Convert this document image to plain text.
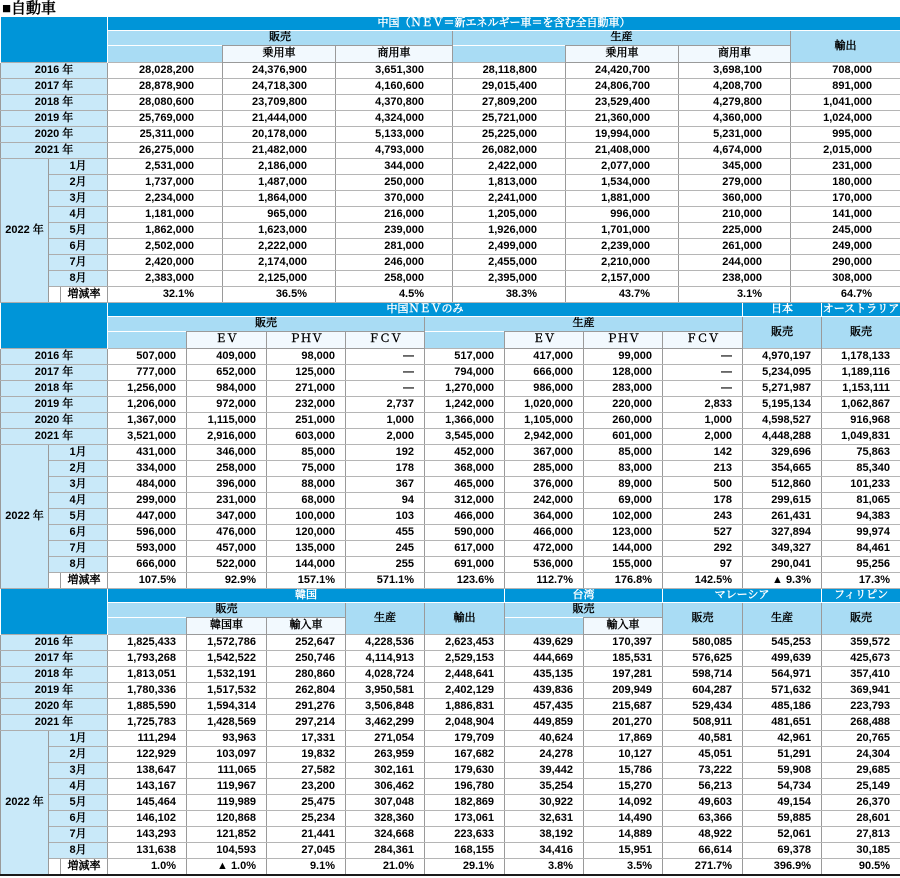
■自動車
			中国（ＮＥＶ＝新エネルギー車＝を含む全自動車）						
			販売			生産			輸出
				乗用車	商用車		乗用車	商用車	
2016 年			28,028,200	24,376,900	3,651,300	28,118,800	24,420,700	3,698,100	708,000
2017 年			28,878,900	24,718,300	4,160,600	29,015,400	24,806,700	4,208,700	891,000
2018 年			28,080,600	23,709,800	4,370,800	27,809,200	23,529,400	4,279,800	1,041,000
2019 年			25,769,000	21,444,000	4,324,000	25,721,000	21,360,000	4,360,000	1,024,000
2020 年			25,311,000	20,178,000	5,133,000	25,225,000	19,994,000	5,231,000	995,000
2021 年			26,275,000	21,482,000	4,793,000	26,082,000	21,408,000	4,674,000	2,015,000
2022 年	1月		2,531,000	2,186,000	344,000	2,422,000	2,077,000	345,000	231,000
	2月		1,737,000	1,487,000	250,000	1,813,000	1,534,000	279,000	180,000
	3月		2,234,000	1,864,000	370,000	2,241,000	1,881,000	360,000	170,000
	4月		1,181,000	965,000	216,000	1,205,000	996,000	210,000	141,000
	5月		1,862,000	1,623,000	239,000	1,926,000	1,701,000	225,000	245,000
	6月		2,502,000	2,222,000	281,000	2,499,000	2,239,000	261,000	249,000
	7月		2,420,000	2,174,000	246,000	2,455,000	2,210,000	244,000	290,000
	8月		2,383,000	2,125,000	258,000	2,395,000	2,157,000	238,000	308,000
		増減率	32.1%	36.5%	4.5%	38.3%	43.7%	3.1%	64.7%
			中国ＮＥＶのみ								日本	オーストラリア
			販売				生産				販売	販売
				ＥＶ	ＰＨＶ	ＦＣＶ		ＥＶ	ＰＨＶ	ＦＣＶ		
2016 年			507,000	409,000	98,000	—	517,000	417,000	99,000	—	4,970,197	1,178,133
2017 年			777,000	652,000	125,000	—	794,000	666,000	128,000	—	5,234,095	1,189,116
2018 年			1,256,000	984,000	271,000	—	1,270,000	986,000	283,000	—	5,271,987	1,153,111
2019 年			1,206,000	972,000	232,000	2,737	1,242,000	1,020,000	220,000	2,833	5,195,134	1,062,867
2020 年			1,367,000	1,115,000	251,000	1,000	1,366,000	1,105,000	260,000	1,000	4,598,527	916,968
2021 年			3,521,000	2,916,000	603,000	2,000	3,545,000	2,942,000	601,000	2,000	4,448,288	1,049,831
2022 年	1月		431,000	346,000	85,000	192	452,000	367,000	85,000	142	329,696	75,863
	2月		334,000	258,000	75,000	178	368,000	285,000	83,000	213	354,665	85,340
	3月		484,000	396,000	88,000	367	465,000	376,000	89,000	500	512,860	101,233
	4月		299,000	231,000	68,000	94	312,000	242,000	69,000	178	299,615	81,065
	5月		447,000	347,000	100,000	103	466,000	364,000	102,000	243	261,431	94,383
	6月		596,000	476,000	120,000	455	590,000	466,000	123,000	527	327,894	99,974
	7月		593,000	457,000	135,000	245	617,000	472,000	144,000	292	349,327	84,461
	8月		666,000	522,000	144,000	255	691,000	536,000	155,000	97	290,041	95,256
		増減率	107.5%	92.9%	157.1%	571.1%	123.6%	112.7%	176.8%	142.5%	▲ 9.3%	17.3%
			韓国					台湾		マレーシア		フィリピン
			販売			生産	輸出	販売		販売	生産	販売
				韓国車	輸入車				輸入車			
2016 年			1,825,433	1,572,786	252,647	4,228,536	2,623,453	439,629	170,397	580,085	545,253	359,572
2017 年			1,793,268	1,542,522	250,746	4,114,913	2,529,153	444,669	185,531	576,625	499,639	425,673
2018 年			1,813,051	1,532,191	280,860	4,028,724	2,448,641	435,135	197,281	598,714	564,971	357,410
2019 年			1,780,336	1,517,532	262,804	3,950,581	2,402,129	439,836	209,949	604,287	571,632	369,941
2020 年			1,885,590	1,594,314	291,276	3,506,848	1,886,831	457,435	215,687	529,434	485,186	223,793
2021 年			1,725,783	1,428,569	297,214	3,462,299	2,048,904	449,859	201,270	508,911	481,651	268,488
2022 年	1月		111,294	93,963	17,331	271,054	179,709	40,624	17,869	40,581	42,961	20,765
	2月		122,929	103,097	19,832	263,959	167,682	24,278	10,127	45,051	51,291	24,304
	3月		138,647	111,065	27,582	302,161	179,630	39,442	15,786	73,222	59,908	29,685
	4月		143,167	119,967	23,200	306,462	196,780	35,254	15,270	56,213	54,734	25,149
	5月		145,464	119,989	25,475	307,048	182,869	30,922	14,092	49,603	49,154	26,370
	6月		146,102	120,868	25,234	328,360	173,061	32,631	14,490	63,366	59,885	28,601
	7月		143,293	121,852	21,441	324,668	223,633	38,192	14,889	48,922	52,061	27,813
	8月		131,638	104,593	27,045	284,361	168,155	34,416	15,951	66,614	69,378	30,185
		増減率	1.0%	▲ 1.0%	9.1%	21.0%	29.1%	3.8%	3.5%	271.7%	396.9%	90.5%
